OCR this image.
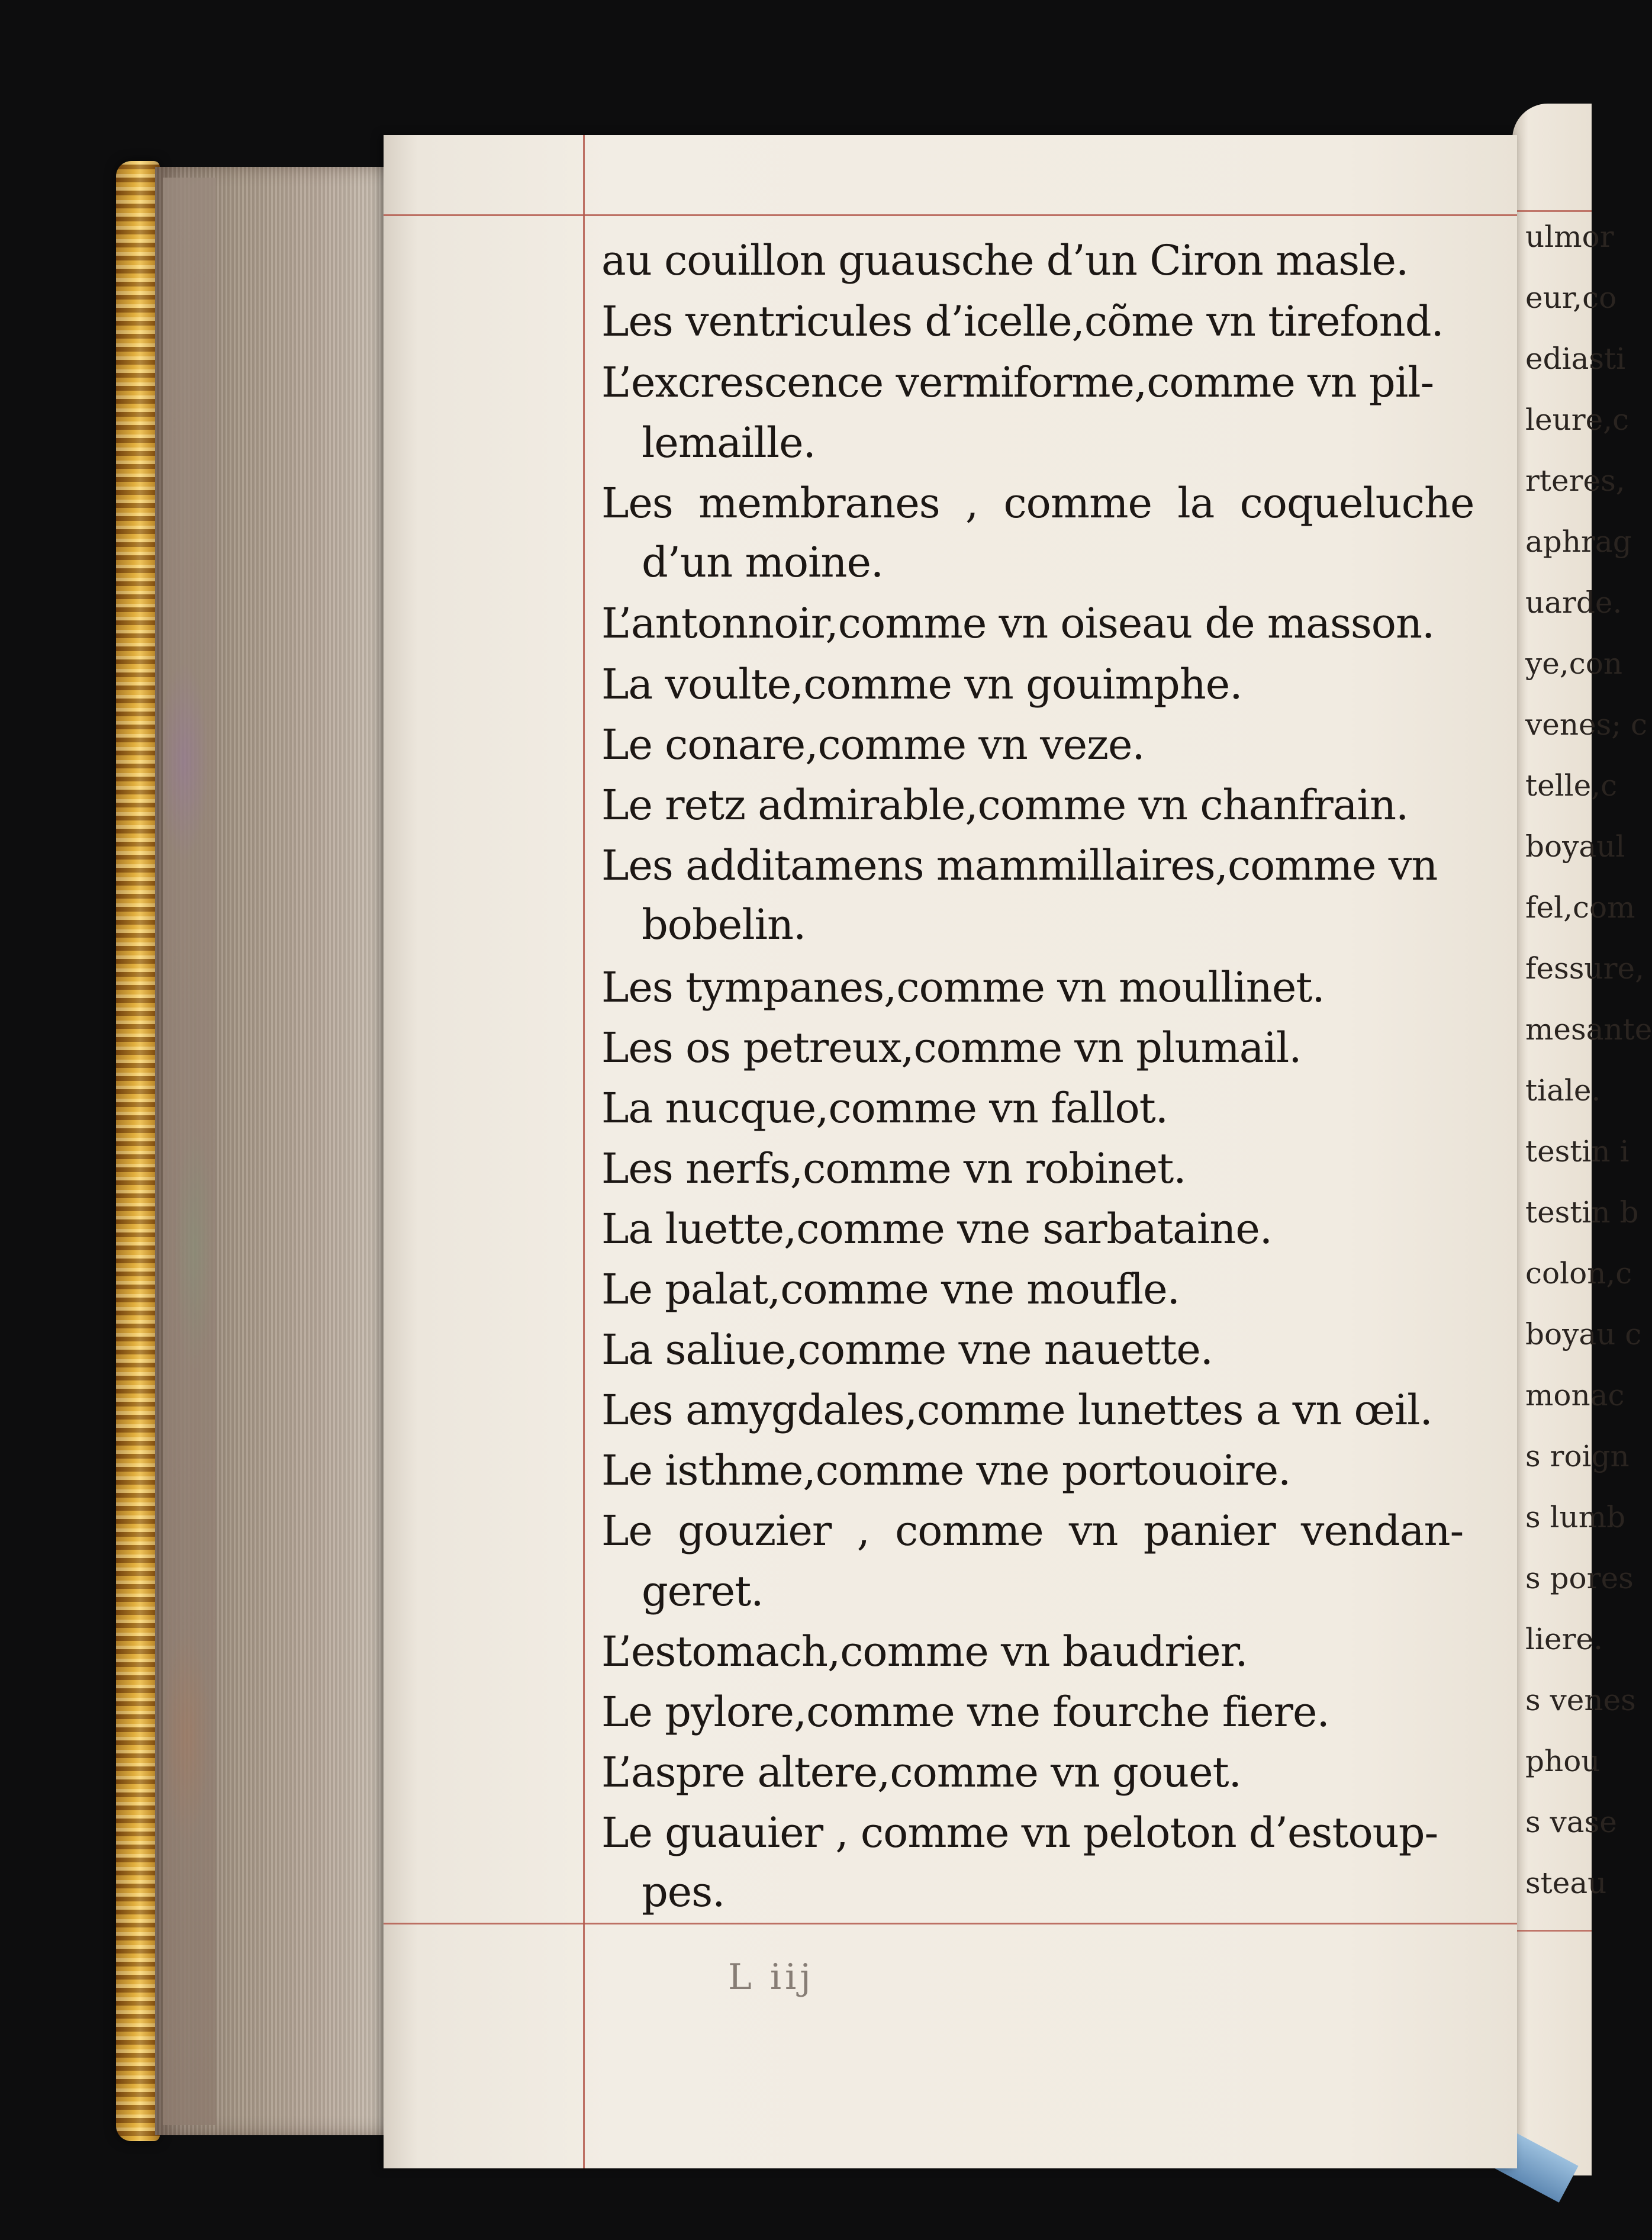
ulmor
eur,co
ediasti
leure,c
rteres,
aphrag
uarde.
ye,con
venes; c
telle,c
boyaul
fel,com
fessure,
mesante
tiale.
testin i
testin b
colon,c
boyau c
monac
s roign
s lumb
s pores
liere.
s venes
phou
s vase
steau
au couillon guausche d’un Ciron masle.
Les ventricules d’icelle,cõme vn tirefond.
L’excrescence vermiforme,comme vn pil-
lemaille.
Les membranes , comme la coqueluche
d’un moine.
L’antonnoir,comme vn oiseau de masson.
La voulte,comme vn gouimphe.
Le conare,comme vn veze.
Le retz admirable,comme vn chanfrain.
Les additamens mammillaires,comme vn
bobelin.
Les tympanes,comme vn moullinet.
Les os petreux,comme vn plumail.
La nucque,comme vn fallot.
Les nerfs,comme vn robinet.
La luette,comme vne sarbataine.
Le palat,comme vne moufle.
La saliue,comme vne nauette.
Les amygdales,comme lunettes a vn œil.
Le isthme,comme vne portouoire.
Le gouzier , comme vn panier vendan-
geret.
L’estomach,comme vn baudrier.
Le pylore,comme vne fourche fiere.
L’aspre altere,comme vn gouet.
Le guauier , comme vn peloton d’estoup-
pes.
L iij
